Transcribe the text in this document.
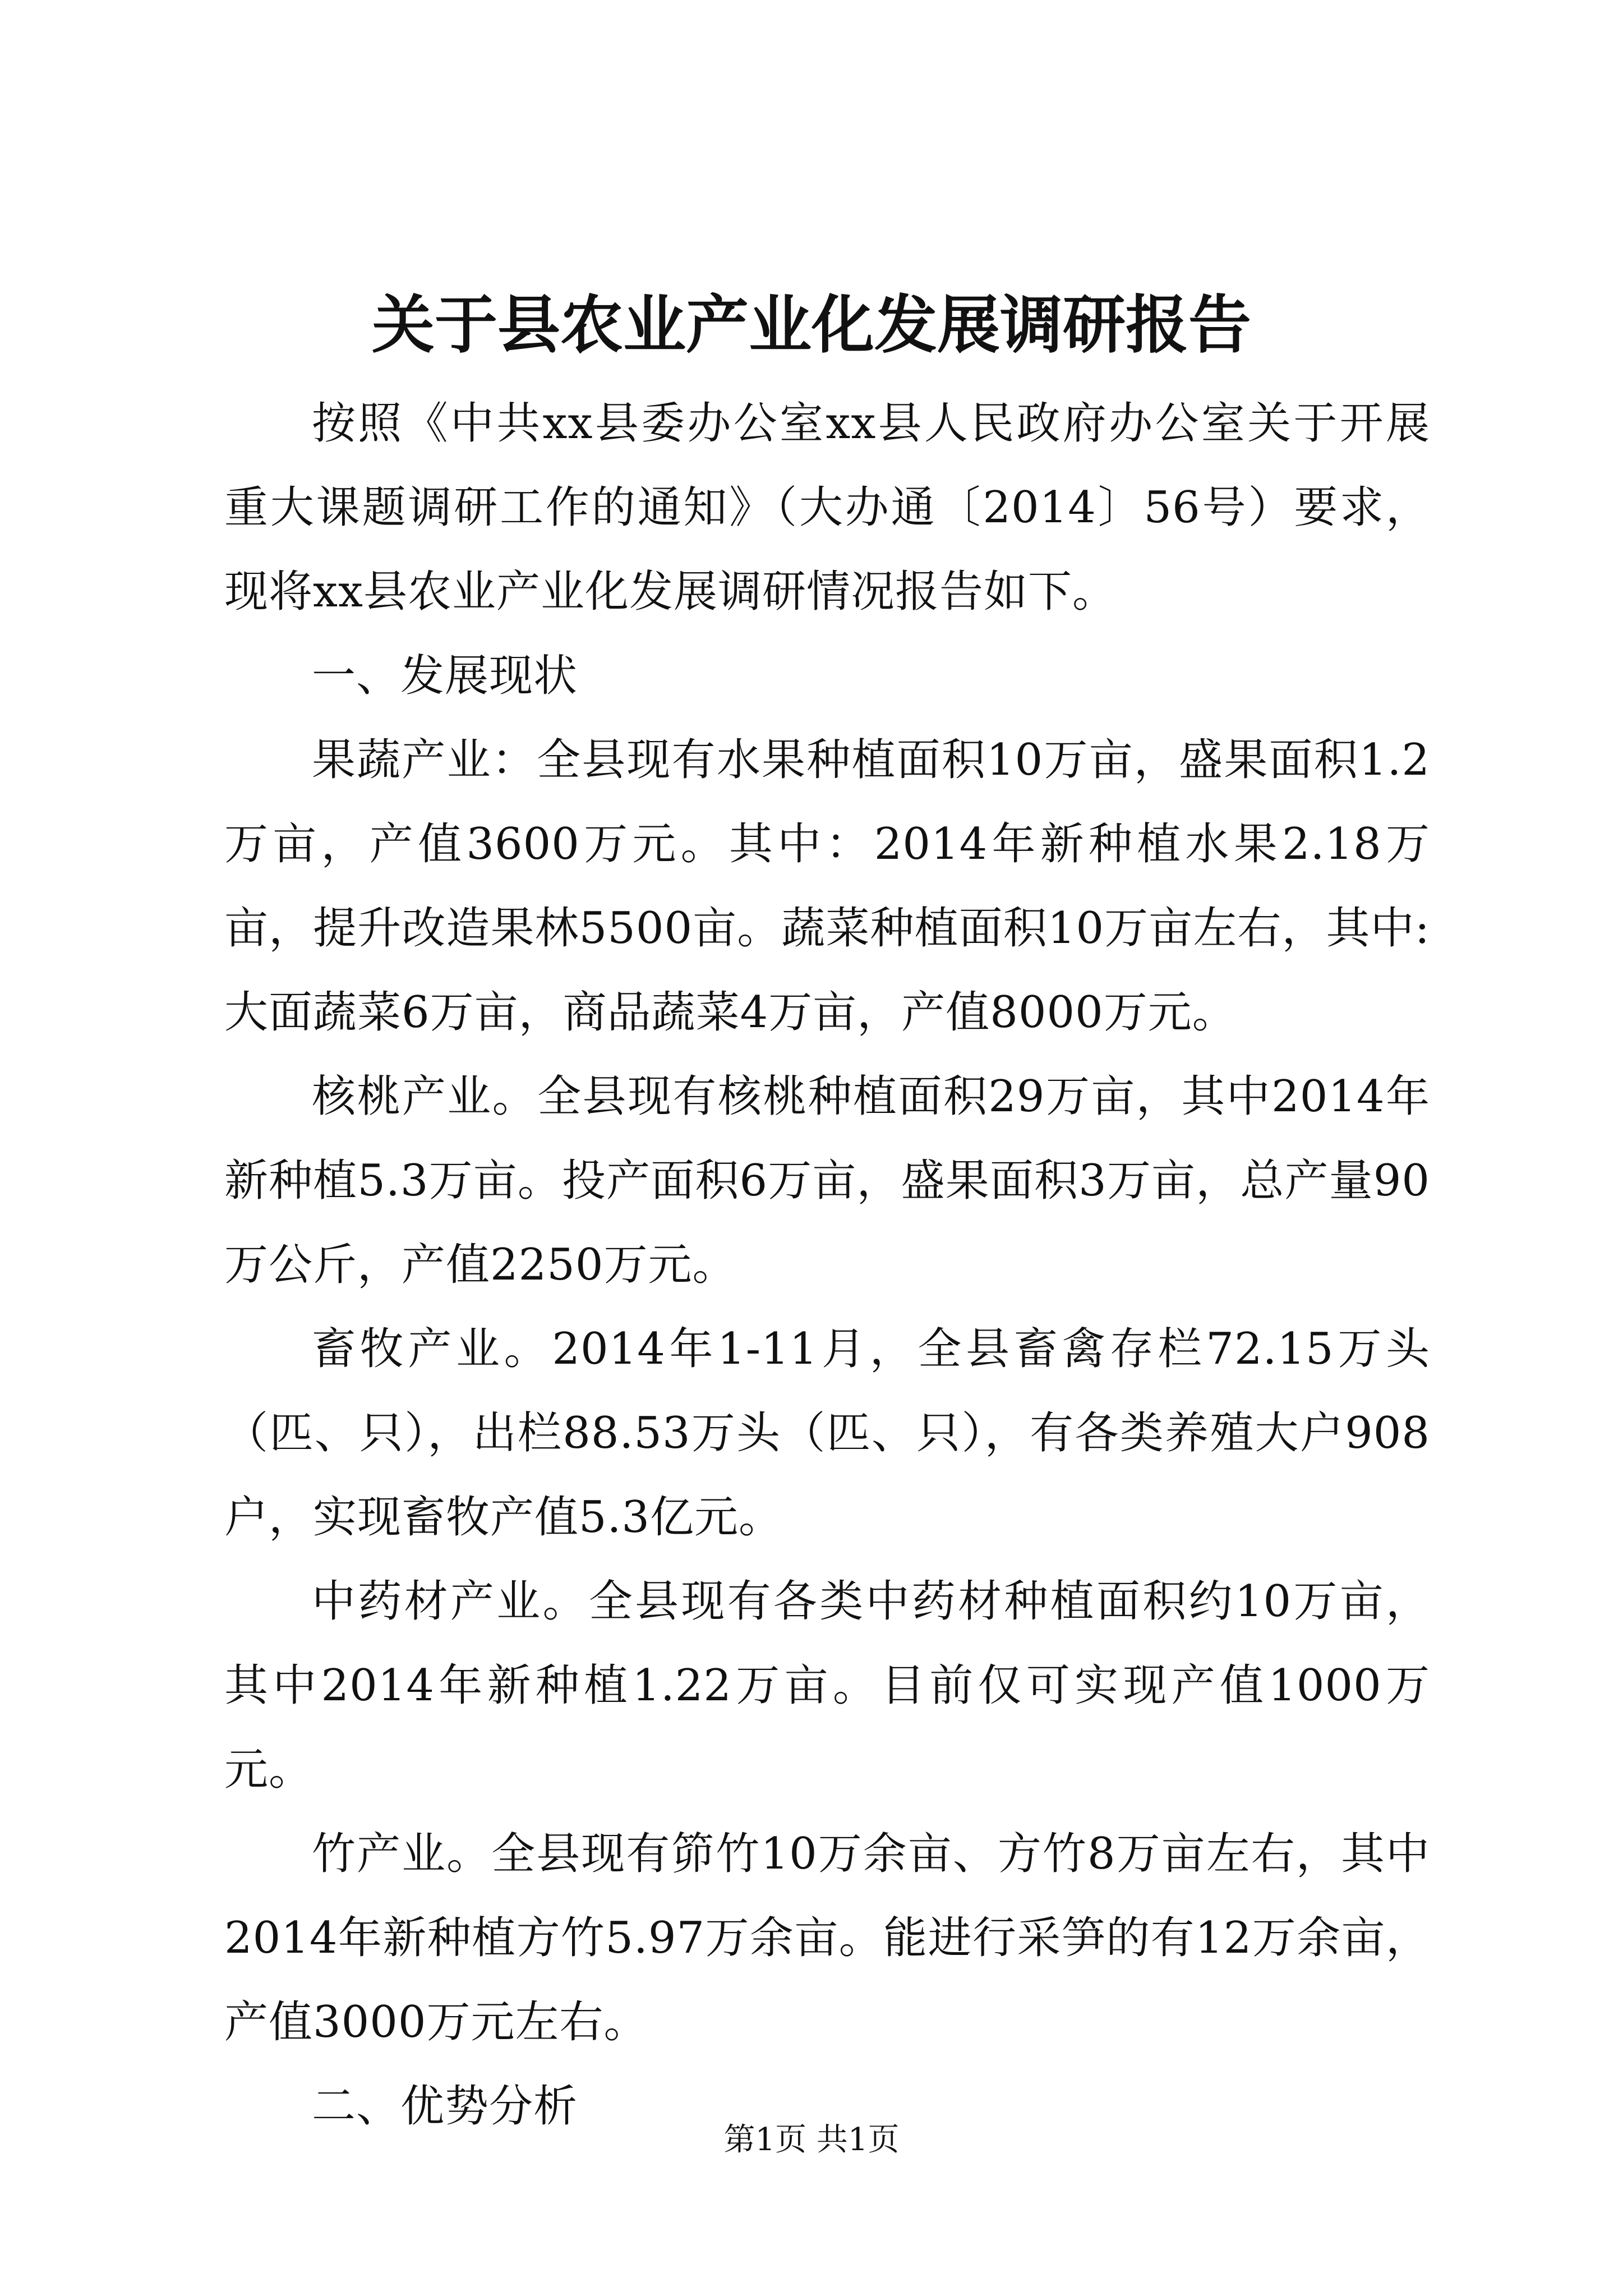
关于县农业产业化发展调研报告

按照《中共xx县委办公室xx县人民政府办公室关于开展重大课题调研工作的通知》（大办通〔2014〕56号）要求，现将xx县农业产业化发展调研情况报告如下。

一、发展现状

果蔬产业：全县现有水果种植面积10万亩，盛果面积1.2万亩，产值3600万元。其中：2014年新种植水果2.18万亩，提升改造果林5500亩。蔬菜种植面积10万亩左右，其中:大面蔬菜6万亩，商品蔬菜4万亩，产值8000万元。

核桃产业。全县现有核桃种植面积29万亩，其中2014年新种植5.3万亩。投产面积6万亩，盛果面积3万亩，总产量90万公斤，产值2250万元。

畜牧产业。2014年1-11月，全县畜禽存栏72.15万头（匹、只），出栏88.53万头（匹、只），有各类养殖大户908户，实现畜牧产值5.3亿元。

中药材产业。全县现有各类中药材种植面积约10万亩，其中2014年新种植1.22万亩。目前仅可实现产值1000万元。

竹产业。全县现有笷竹10万余亩、方竹8万亩左右，其中2014年新种植方竹5.97万余亩。能进行采笋的有12万余亩，产值3000万元左右。

二、优势分析

第1页 共1页
